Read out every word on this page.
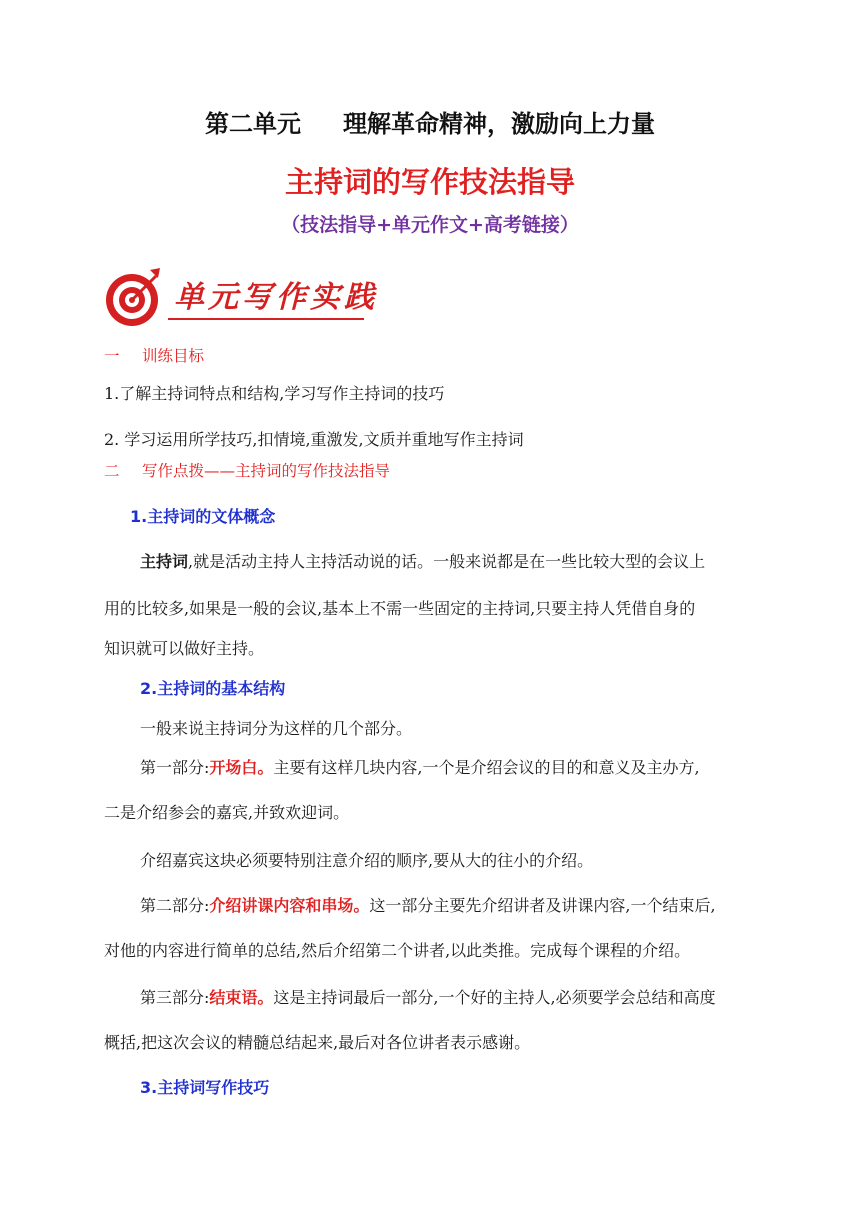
第二单元 理解革命精神，激励向上力量
主持词的写作技法指导
（技法指导+单元作文+高考链接）
单元写作实践
一 训练目标
1.了解主持词特点和结构,学习写作主持词的技巧
2. 学习运用所学技巧,扣情境,重激发,文质并重地写作主持词
二 写作点拨——主持词的写作技法指导
1.主持词的文体概念
主持词,就是活动主持人主持活动说的话。一般来说都是在一些比较大型的会议上
用的比较多,如果是一般的会议,基本上不需一些固定的主持词,只要主持人凭借自身的
知识就可以做好主持。
2.主持词的基本结构
一般来说主持词分为这样的几个部分。
第一部分:开场白。主要有这样几块内容,一个是介绍会议的目的和意义及主办方,
二是介绍参会的嘉宾,并致欢迎词。
介绍嘉宾这块必须要特别注意介绍的顺序,要从大的往小的介绍。
第二部分:介绍讲课内容和串场。这一部分主要先介绍讲者及讲课内容,一个结束后,
对他的内容进行简单的总结,然后介绍第二个讲者,以此类推。完成每个课程的介绍。
第三部分:结束语。这是主持词最后一部分,一个好的主持人,必须要学会总结和高度
概括,把这次会议的精髓总结起来,最后对各位讲者表示感谢。
3.主持词写作技巧
